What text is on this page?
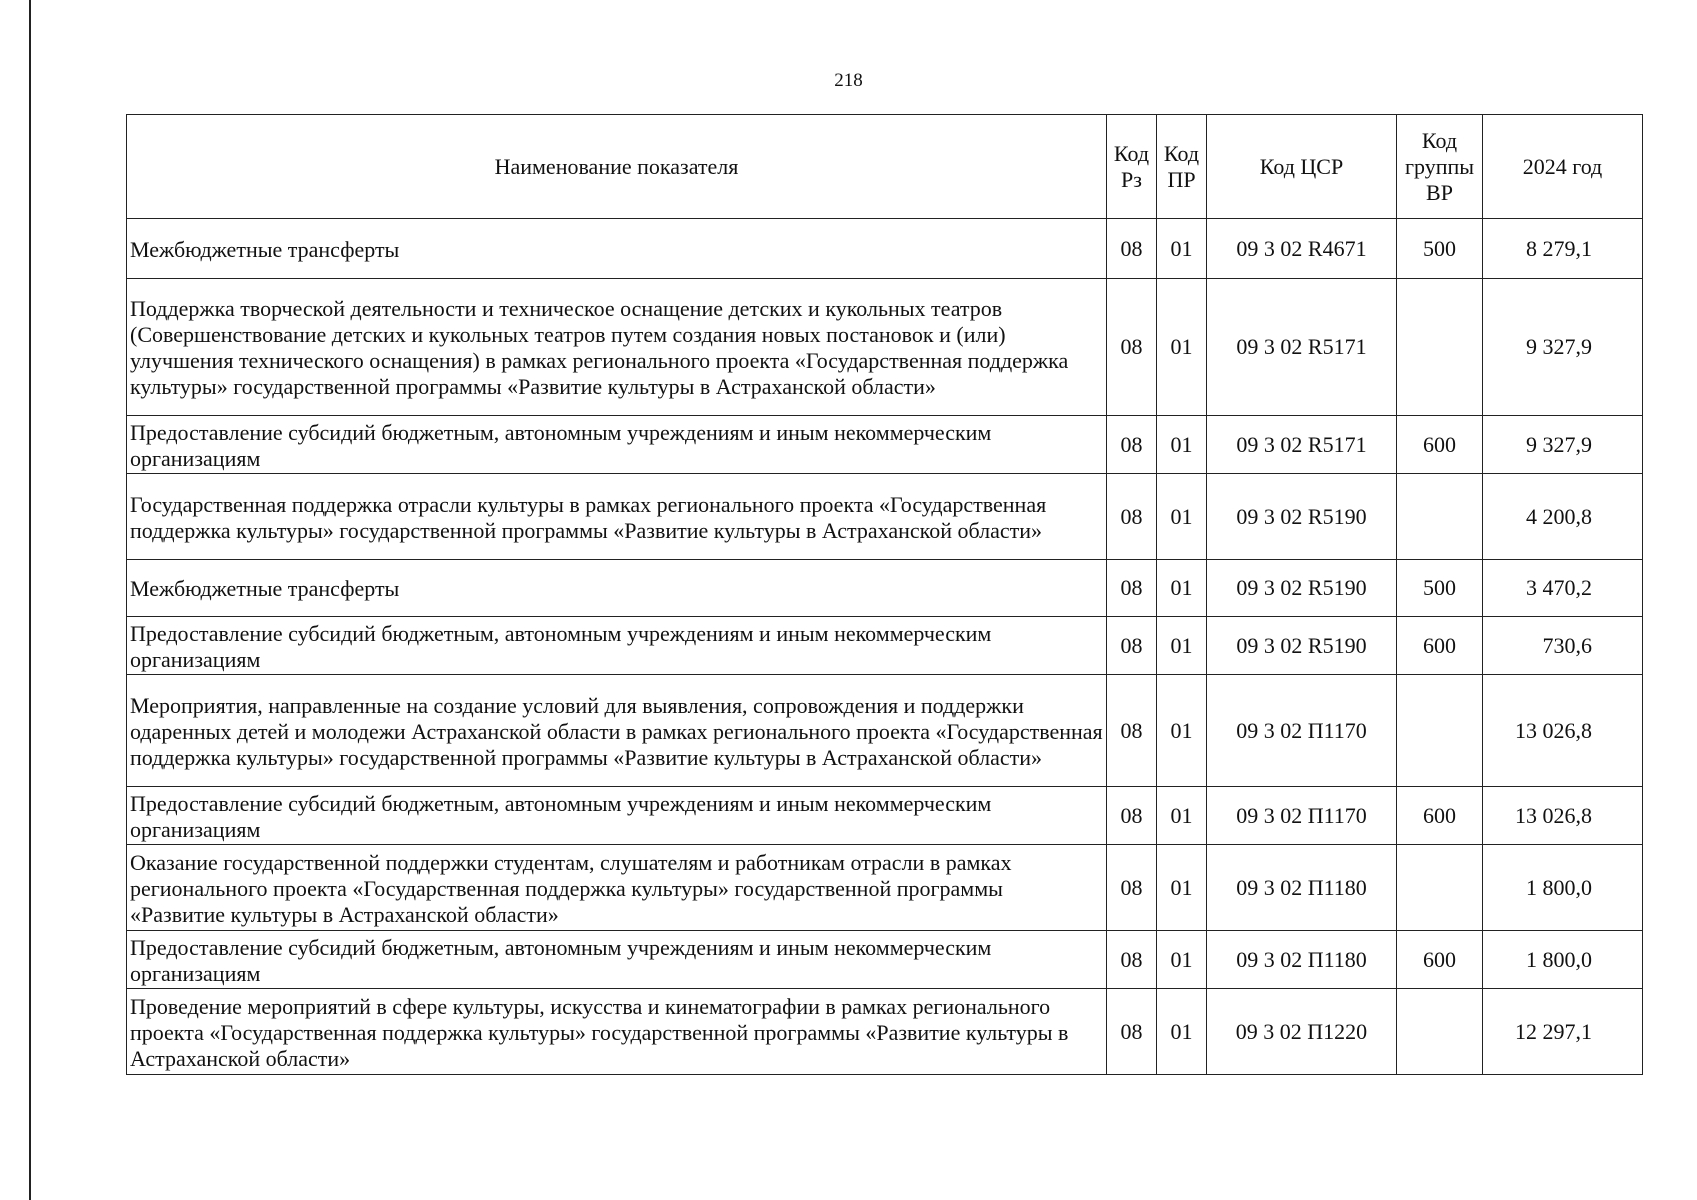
218
Наименование показателя	Код Рз	Код ПР	Код ЦСР	Код группы ВР	2024 год
Межбюджетные трансферты	08	01	09 3 02 R4671	500	8 279,1
Поддержка творческой деятельности и техническое оснащение детских и кукольных театров (Совершенствование детских и кукольных театров путем создания новых постановок и (или) улучшения технического оснащения) в рамках регионального проекта «Государственная поддержка культуры» государственной программы «Развитие культуры в Астраханской области»	08	01	09 3 02 R5171		9 327,9
Предоставление субсидий бюджетным, автономным учреждениям и иным некоммерческим организациям	08	01	09 3 02 R5171	600	9 327,9
Государственная поддержка отрасли культуры в рамках регионального проекта «Государственная поддержка культуры» государственной программы «Развитие культуры в Астраханской области»	08	01	09 3 02 R5190		4 200,8
Межбюджетные трансферты	08	01	09 3 02 R5190	500	3 470,2
Предоставление субсидий бюджетным, автономным учреждениям и иным некоммерческим организациям	08	01	09 3 02 R5190	600	730,6
Мероприятия, направленные на создание условий для выявления, сопровождения и поддержки одаренных детей и молодежи Астраханской области в рамках регионального проекта «Государственная поддержка культуры» государственной программы «Развитие культуры в Астраханской области»	08	01	09 3 02 П1170		13 026,8
Предоставление субсидий бюджетным, автономным учреждениям и иным некоммерческим организациям	08	01	09 3 02 П1170	600	13 026,8
Оказание государственной поддержки студентам, слушателям и работникам отрасли в рамках регионального проекта «Государственная поддержка культуры» государственной программы «Развитие культуры в Астраханской области»	08	01	09 3 02 П1180		1 800,0
Предоставление субсидий бюджетным, автономным учреждениям и иным некоммерческим организациям	08	01	09 3 02 П1180	600	1 800,0
Проведение мероприятий в сфере культуры, искусства и кинематографии в рамках регионального проекта «Государственная поддержка культуры» государственной программы «Развитие культуры в Астраханской области»	08	01	09 3 02 П1220		12 297,1
